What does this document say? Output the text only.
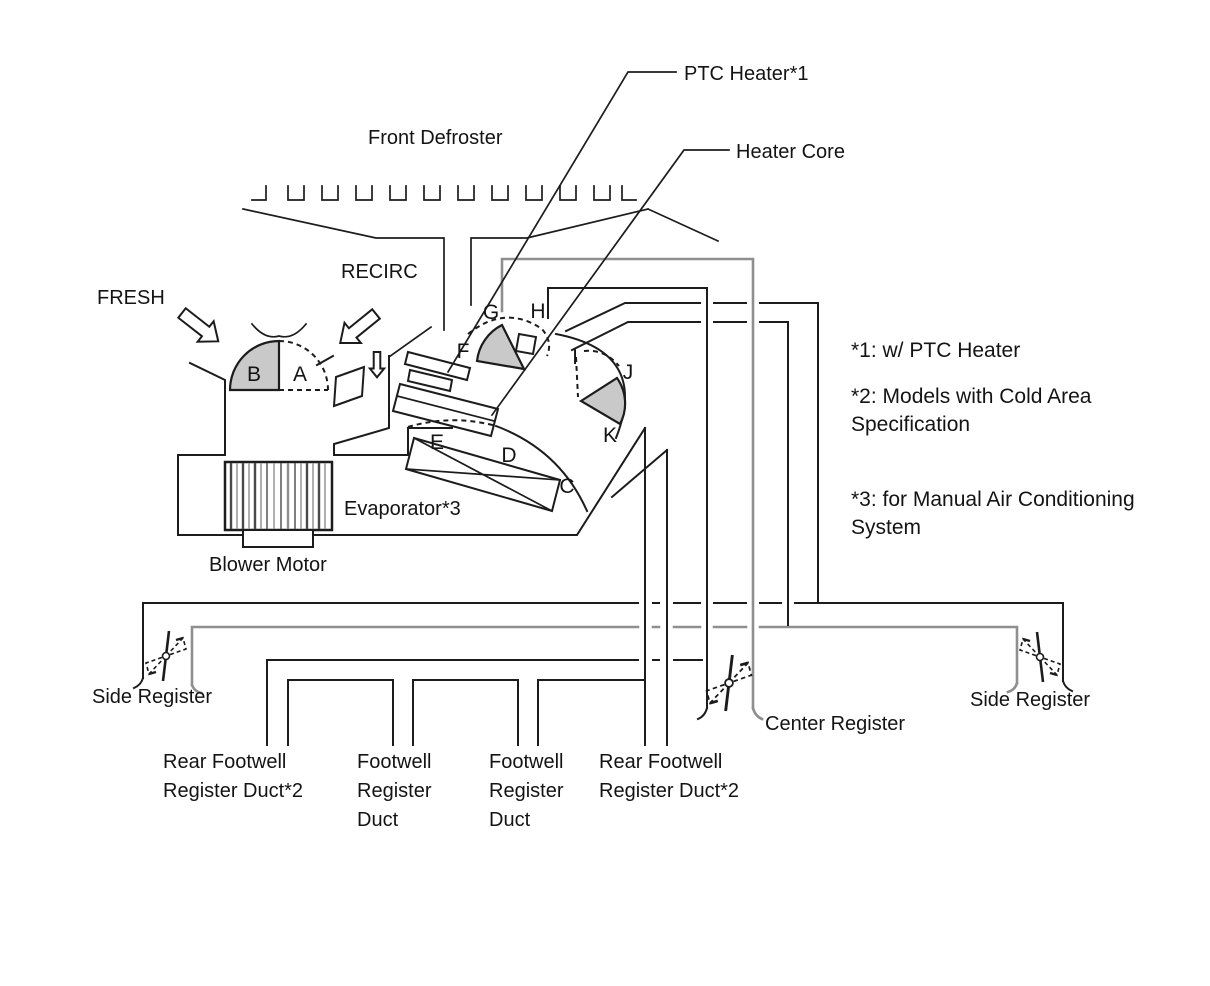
PTC Heater*1
Front Defroster
Heater Core
RECIRC
FRESH
Evaporator*3
Blower Motor
*1: w/ PTC Heater
*2: Models with Cold Area
Specification
*3: for Manual Air Conditioning
System
Side Register	Side Register
Center Register
Rear Footwell
Register Duct*2
Footwell
Register
Duct
Footwell
Register
Duct
Rear Footwell
Register Duct*2
A
B
C
D
E
F
G H
I
J
K
